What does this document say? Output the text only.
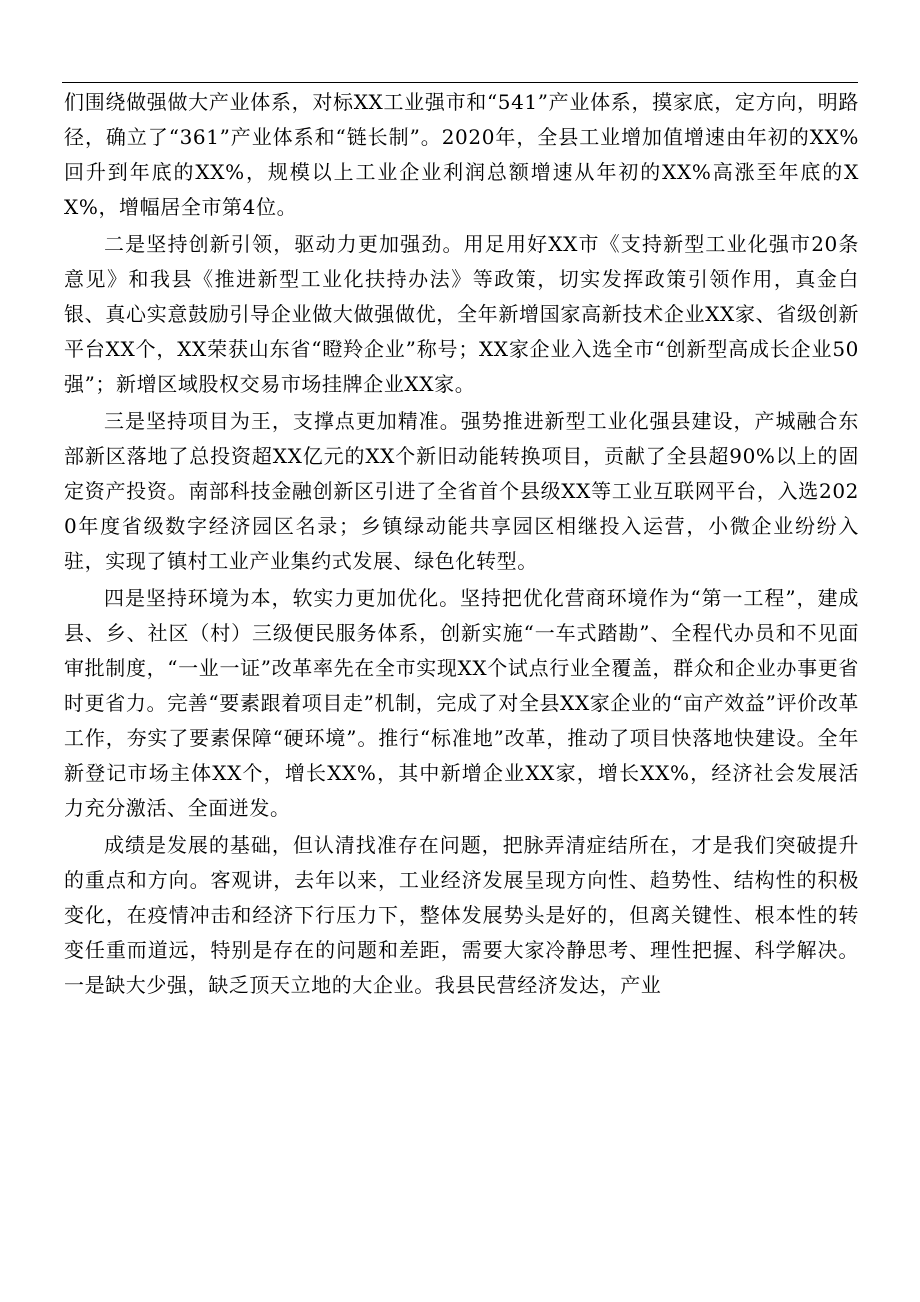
们围绕做强做大产业体系，对标XX工业强市和“541”产业体系，摸家底，定方向，明路径，确立了“361”产业体系和“链长制”。2020年，全县工业增加值增速由年初的XX%回升到年底的XX%，规模以上工业企业利润总额增速从年初的XX%高涨至年底的XX%，增幅居全市第4位。

二是坚持创新引领，驱动力更加强劲。用足用好XX市《支持新型工业化强市20条意见》和我县《推进新型工业化扶持办法》等政策，切实发挥政策引领作用，真金白银、真心实意鼓励引导企业做大做强做优，全年新增国家高新技术企业XX家、省级创新平台XX个，XX荣获山东省“瞪羚企业”称号；XX家企业入选全市“创新型高成长企业50强”；新增区域股权交易市场挂牌企业XX家。

三是坚持项目为王，支撑点更加精准。强势推进新型工业化强县建设，产城融合东部新区落地了总投资超XX亿元的XX个新旧动能转换项目，贡献了全县超90%以上的固定资产投资。南部科技金融创新区引进了全省首个县级XX等工业互联网平台，入选2020年度省级数字经济园区名录；乡镇绿动能共享园区相继投入运营，小微企业纷纷入驻，实现了镇村工业产业集约式发展、绿色化转型。

四是坚持环境为本，软实力更加优化。坚持把优化营商环境作为“第一工程”，建成县、乡、社区（村）三级便民服务体系，创新实施“一车式踏勘”、全程代办员和不见面审批制度，“一业一证”改革率先在全市实现XX个试点行业全覆盖，群众和企业办事更省时更省力。完善“要素跟着项目走”机制，完成了对全县XX家企业的“亩产效益”评价改革工作，夯实了要素保障“硬环境”。推行“标准地”改革，推动了项目快落地快建设。全年新登记市场主体XX个，增长XX%，其中新增企业XX家，增长XX%，经济社会发展活力充分激活、全面迸发。

成绩是发展的基础，但认清找准存在问题，把脉弄清症结所在，才是我们突破提升的重点和方向。客观讲，去年以来，工业经济发展呈现方向性、趋势性、结构性的积极变化，在疫情冲击和经济下行压力下，整体发展势头是好的，但离关键性、根本性的转变任重而道远，特别是存在的问题和差距，需要大家冷静思考、理性把握、科学解决。一是缺大少强，缺乏顶天立地的大企业。我县民营经济发达，产业
